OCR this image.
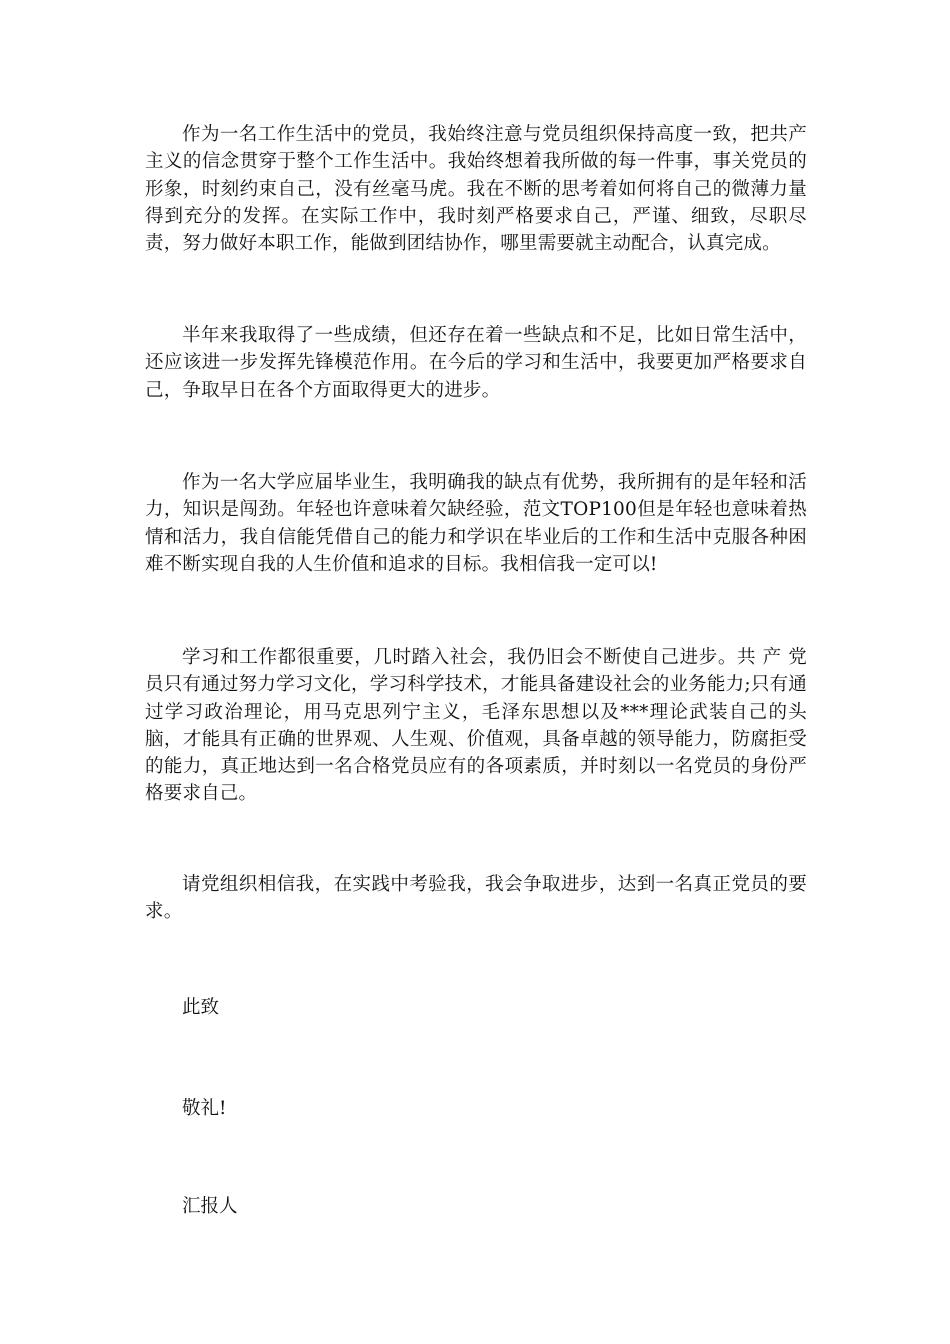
作为一名工作生活中的党员，我始终注意与党员组织保持高度一致，把共产主义的信念贯穿于整个工作生活中。我始终想着我所做的每一件事，事关党员的形象，时刻约束自己，没有丝毫马虎。我在不断的思考着如何将自己的微薄力量得到充分的发挥。在实际工作中，我时刻严格要求自己，严谨、细致，尽职尽责，努力做好本职工作，能做到团结协作，哪里需要就主动配合，认真完成。

半年来我取得了一些成绩，但还存在着一些缺点和不足，比如日常生活中，还应该进一步发挥先锋模范作用。在今后的学习和生活中，我要更加严格要求自己，争取早日在各个方面取得更大的进步。

作为一名大学应届毕业生，我明确我的缺点有优势，我所拥有的是年轻和活力，知识是闯劲。年轻也许意味着欠缺经验，范文TOP100但是年轻也意味着热情和活力，我自信能凭借自己的能力和学识在毕业后的工作和生活中克服各种困难不断实现自我的人生价值和追求的目标。我相信我一定可以!

学习和工作都很重要，几时踏入社会，我仍旧会不断使自己进步。共 产 党员只有通过努力学习文化，学习科学技术，才能具备建设社会的业务能力;只有通过学习政治理论，用马克思列宁主义，毛泽东思想以及***理论武装自己的头脑，才能具有正确的世界观、人生观、价值观，具备卓越的领导能力，防腐拒受的能力，真正地达到一名合格党员应有的各项素质，并时刻以一名党员的身份严格要求自己。

请党组织相信我，在实践中考验我，我会争取进步，达到一名真正党员的要求。

此致
敬礼!
汇报人
